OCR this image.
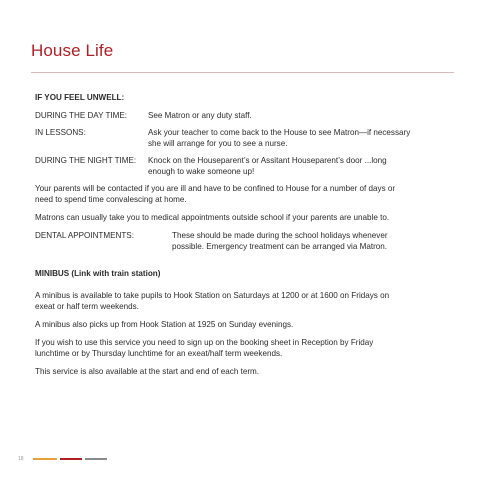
House Life
IF YOU FEEL UNWELL:
DURING THE DAY TIME:	See Matron or any duty staff.
IN LESSONS:	Ask your teacher to come back to the House to see Matron—if necessary
she will arrange for you to see a nurse.
DURING THE NIGHT TIME: Knock on the Houseparent’s or Assitant Houseparent’s door ...long
enough to wake someone up!
Your parents will be contacted if you are ill and have to be confined to House for a number of days or
need to spend time convalescing at home.
Matrons can usually take you to medical appointments outside school if your parents are unable to.
DENTAL APPOINTMENTS:	These should be made during the school holidays whenever
possible. Emergency treatment can be arranged via Matron.
MINIBUS (Link with train station)
A minibus is available to take pupils to Hook Station on Saturdays at 1200 or at 1600 on Fridays on
exeat or half term weekends.
A minibus also picks up from Hook Station at 1925 on Sunday evenings.
If you wish to use this service you need to sign up on the booking sheet in Reception by Friday
lunchtime or by Thursday lunchtime for an exeat/half term weekends.
This service is also available at the start and end of each term.
18
